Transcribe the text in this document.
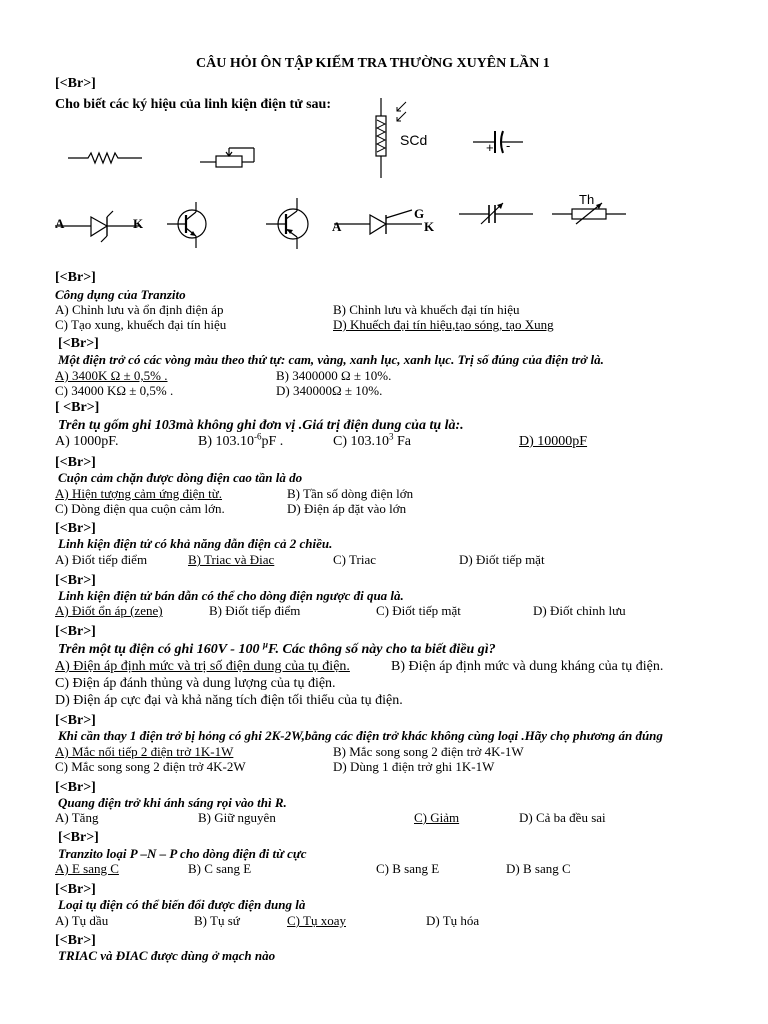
CÂU HỎI ÔN TẬP KIẾM TRA THƯỜNG XUYÊN LẦN 1
[<Br>]
Cho biết các ký hiệu của linh kiện điện tử sau:
SCd	+ -
A	K	A	K
G
Th
[<Br>]
Công dụng của Tranzito
A) Chỉnh lưu và ổn định điện áp	B) Chỉnh lưu và khuếch đại tín hiệu
C) Tạo xung, khuếch đại tín hiệu	D) Khuếch đại tín hiệu,tạo sóng, tạo Xung
[<Br>]
Một điện trở có các vòng màu theo thứ tự: cam, vàng, xanh lục, xanh lục. Trị số đúng của điện trở là.
A) 3400K Ω ± 0,5% .	B) 3400000 Ω ± 10%.
C) 34000 KΩ ± 0,5% .	D) 340000Ω ± 10%.
[ <Br>]
Trên tụ gốm ghi 103mà không ghi đơn vị .Giá trị điện dung của tụ là:.
A) 1000pF.	B) $103.10^{-6}pF$ .	C) 103.10$^3$ Fa	D) 10000pF
[<Br>]
Cuộn cảm chặn được dòng điện cao tần là do
A) Hiện tượng cảm ứng điện từ.	B) Tần số dòng điện lớn
C) Dòng điện qua cuộn cảm lớn.	D) Điện áp đặt vào lớn
[<Br>]
Linh kiện điện tử có khả năng dẫn điện cả 2 chiều.
A) Điốt tiếp điểm	B) Triac và Điac	C) Triac	D) Điốt tiếp mặt
[<Br>]
Linh kiện điện tử bán dẫn có thể cho dòng điện ngược đi qua là.
A) Điốt ổn áp (zene)	B) Điốt tiếp điểm	C) Điốt tiếp mặt	D) Điốt chỉnh lưu
[<Br>]
Trên một tụ điện có ghi 160V - 100 $^\mu$F. Các thông số này cho ta biết điều gì?
A) Điện áp định mức và trị số điện dung của tụ điện.	B) Điện áp định mức và dung kháng của tụ điện.
C) Điện áp đánh thủng và dung lượng của tụ điện.
D) Điện áp cực đại và khả năng tích điện tối thiểu của tụ điện.
[<Br>]
Khi cần thay 1 điện trở bị hỏng có ghi 2K-2W,bằng các điện trở khác không cùng loại .Hãy chọ phương án đúng
A) Mắc nối tiếp 2 điện trở 1K-1W	B) Mắc song song 2 điện trở 4K-1W
C) Mắc song song 2 điện trở 4K-2W	D) Dùng 1 điện trở ghi 1K-1W
[<Br>]
Quang điện trở khi ánh sáng rọi vào thì R.
A) Tăng	B) Giữ nguyên	C) Giảm	D) Cả ba đều sai
[<Br>]
Tranzito loại P –N – P cho dòng điện đi từ cực
A) E sang C	B) C sang E	C) B sang E	D) B sang C
[<Br>]
Loại tụ điện có thể biến đổi được điện dung là
A) Tụ dầu	B) Tụ sứ	C) Tụ xoay	D) Tụ hóa
[<Br>]
TRIAC và ĐIAC được dùng ở mạch nào
